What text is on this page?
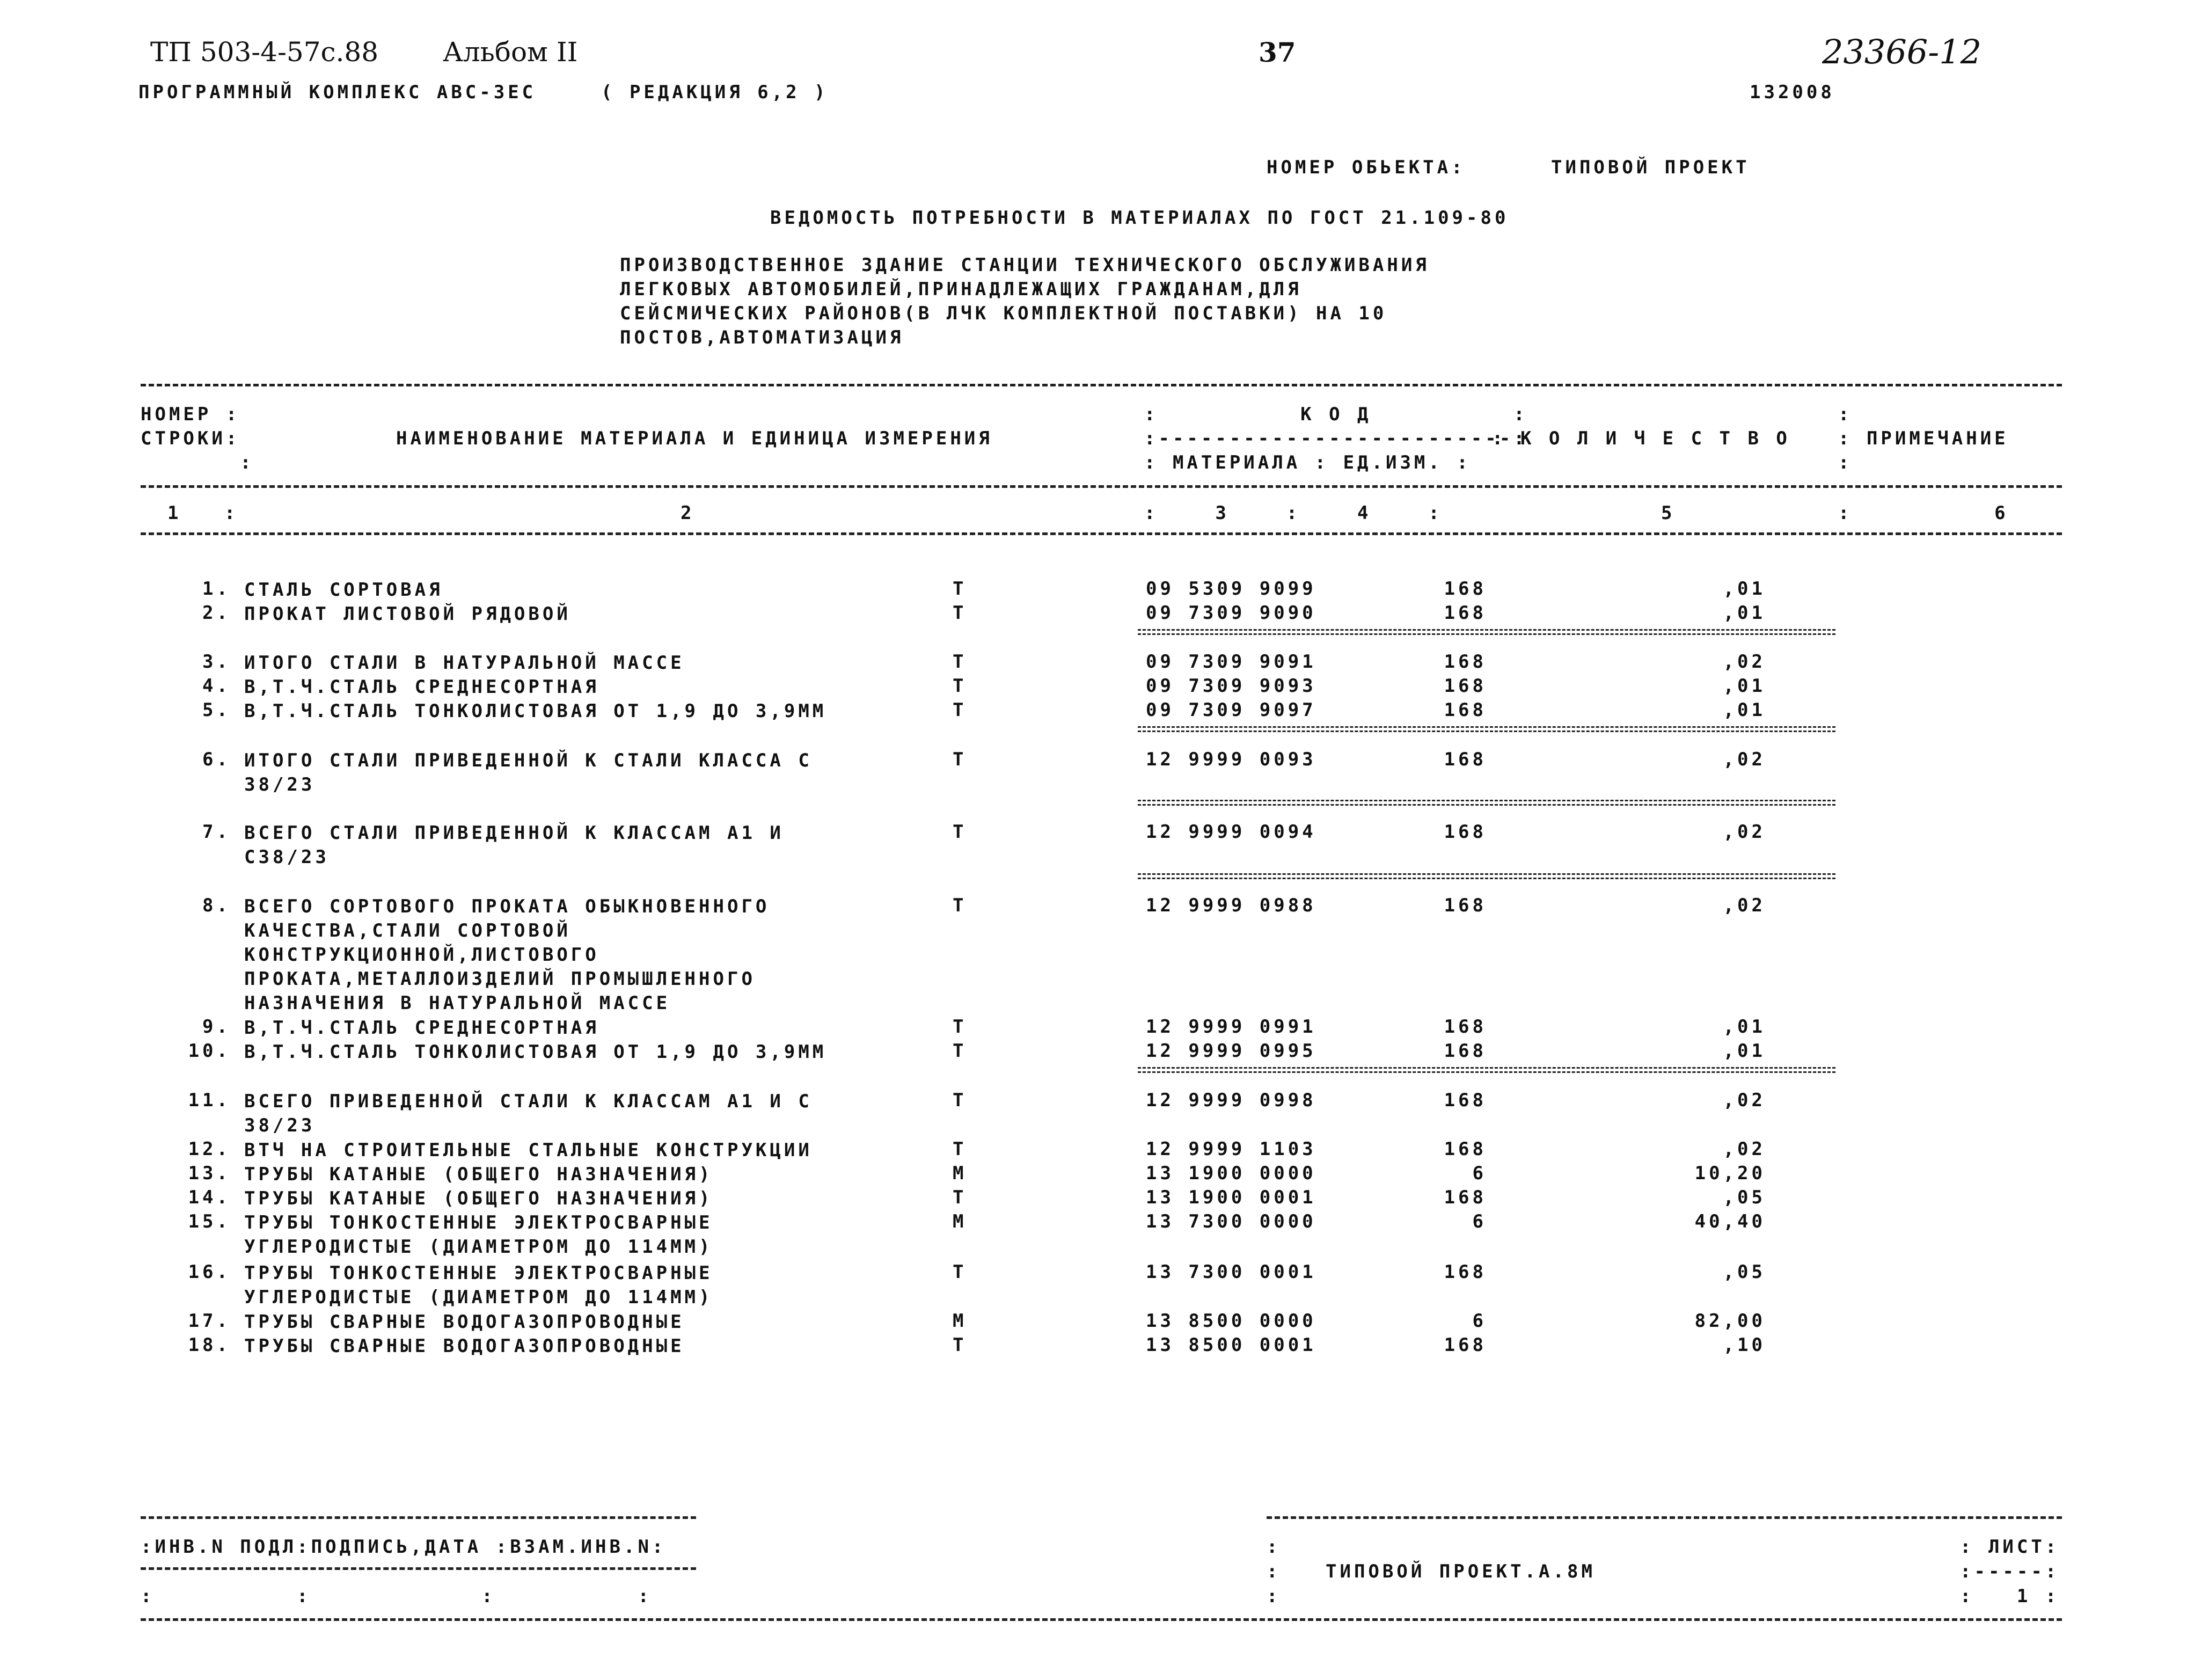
ТП 503-4-57с.88 Альбом II	37	23366-12
ПРОГРАММНЫЙ КОМПЛЕКС АВС-3ЕС	( РЕДАКЦИЯ 6,2 )	132008
НОМЕР ОБЬЕКТА:	ТИПОВОЙ ПРОЕКТ
ВЕДОМОСТЬ ПОТРЕБНОСТИ В МАТЕРИАЛАХ ПО ГОСТ 21.109-80
ПРОИЗВОДСТВЕННОЕ ЗДАНИЕ СТАНЦИИ ТЕХНИЧЕСКОГО ОБСЛУЖИВАНИЯ
ЛЕГКОВЫХ АВТОМОБИЛЕЙ,ПРИНАДЛЕЖАЩИХ ГРАЖДАНАМ,ДЛЯ
СЕЙСМИЧЕСКИХ РАЙОНОВ(В ЛЧК КОМПЛЕКТНОЙ ПОСТАВКИ) НА 10
ПОСТОВ,АВТОМАТИЗАЦИЯ
НОМЕР :
СТРОКИ:
:
НАИМЕНОВАНИЕ МАТЕРИАЛА И ЕДИНИЦА ИЗМЕРЕНИЯ
:          К О Д          :
:-------------------------:
: МАТЕРИАЛА : ЕД.ИЗМ. :
: К О Л И Ч Е С Т В О
:
: ПРИМЕЧАНИЕ
:
1   :	2	:    3    :    4    :	5	:          6
1. СТАЛЬ СОРТОВАЯ	Т	09 5309 9099	168	,01
2. ПРОКАТ ЛИСТОВОЙ РЯДОВОЙ	Т	09 7309 9090	168	,01
3. ИТОГО СТАЛИ В НАТУРАЛЬНОЙ МАССЕ	Т	09 7309 9091	168	,02
4. В,Т.Ч.СТАЛЬ СРЕДНЕСОРТНАЯ	Т	09 7309 9093	168	,01
5. В,Т.Ч.СТАЛЬ ТОНКОЛИСТОВАЯ ОТ 1,9 ДО 3,9ММ	Т	09 7309 9097	168	,01
6. ИТОГО СТАЛИ ПРИВЕДЕННОЙ К СТАЛИ КЛАССА С
38/23
Т	12 9999 0093	168	,02
7. ВСЕГО СТАЛИ ПРИВЕДЕННОЙ К КЛАССАМ А1 И
С38/23
Т	12 9999 0094	168	,02
8. ВСЕГО СОРТОВОГО ПРОКАТА ОБЫКНОВЕННОГО
КАЧЕСТВА,СТАЛИ СОРТОВОЙ
КОНСТРУКЦИОННОЙ,ЛИСТОВОГО
ПРОКАТА,МЕТАЛЛОИЗДЕЛИЙ ПРОМЫШЛЕННОГО
НАЗНАЧЕНИЯ В НАТУРАЛЬНОЙ МАССЕ
Т	12 9999 0988	168	,02
9. В,Т.Ч.СТАЛЬ СРЕДНЕСОРТНАЯ	Т	12 9999 0991	168	,01
10. В,Т.Ч.СТАЛЬ ТОНКОЛИСТОВАЯ ОТ 1,9 ДО 3,9ММ	Т	12 9999 0995	168	,01
11. ВСЕГО ПРИВЕДЕННОЙ СТАЛИ К КЛАССАМ А1 И С
38/23
Т	12 9999 0998	168	,02
12. ВТЧ НА СТРОИТЕЛЬНЫЕ СТАЛЬНЫЕ КОНСТРУКЦИИ	Т	12 9999 1103	168	,02
13. ТРУБЫ КАТАНЫЕ (ОБЩЕГО НАЗНАЧЕНИЯ)	М	13 1900 0000	6	10,20
14. ТРУБЫ КАТАНЫЕ (ОБЩЕГО НАЗНАЧЕНИЯ)	Т	13 1900 0001	168	,05
15. ТРУБЫ ТОНКОСТЕННЫЕ ЭЛЕКТРОСВАРНЫЕ
УГЛЕРОДИСТЫЕ (ДИАМЕТРОМ ДО 114ММ)
М	13 7300 0000	6	40,40
16. ТРУБЫ ТОНКОСТЕННЫЕ ЭЛЕКТРОСВАРНЫЕ
УГЛЕРОДИСТЫЕ (ДИАМЕТРОМ ДО 114ММ)
Т	13 7300 0001	168	,05
17. ТРУБЫ СВАРНЫЕ ВОДОГАЗОПРОВОДНЫЕ	М	13 8500 0000	6	82,00
18. ТРУБЫ СВАРНЫЕ ВОДОГАЗОПРОВОДНЫЕ	Т	13 8500 0001	168	,10
:ИНВ.N ПОДЛ:ПОДПИСЬ,ДАТА :ВЗАМ.ИНВ.N:
:          :            :          :
:
:
:
ТИПОВОЙ ПРОЕКТ.А.8М
: ЛИСТ:
:-----:
:   1 :
